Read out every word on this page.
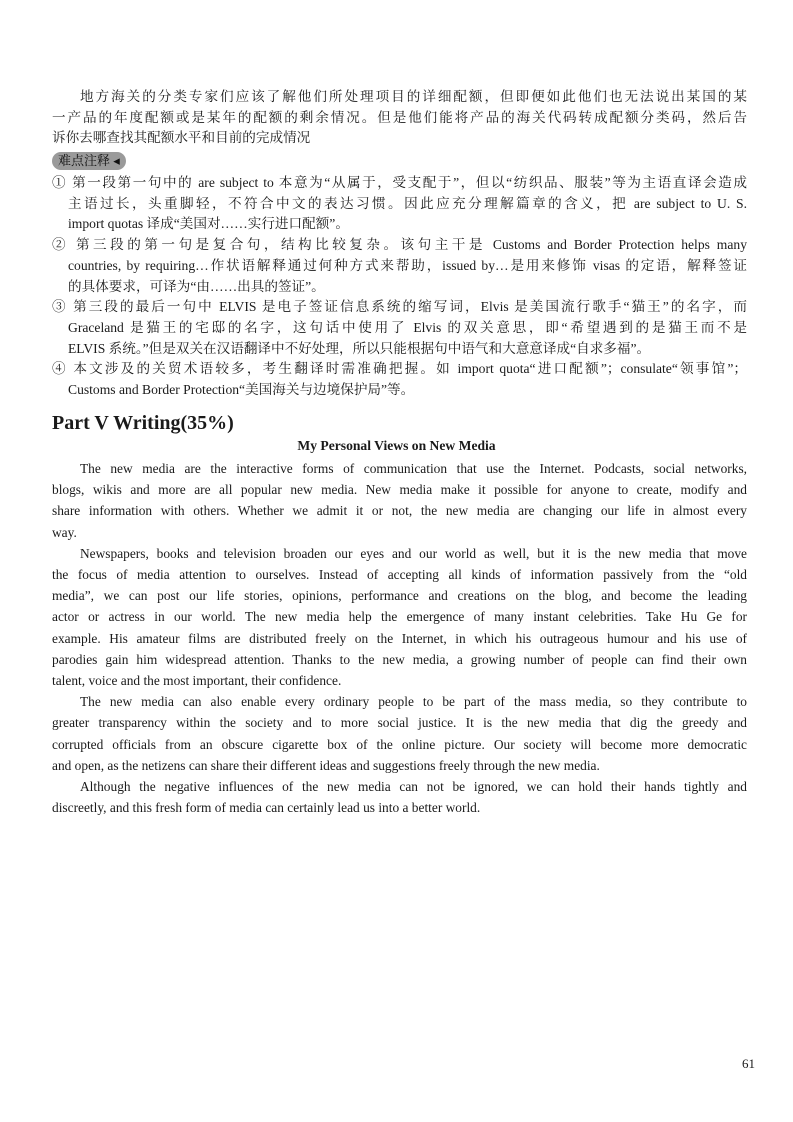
地方海关的分类专家们应该了解他们所处理项目的详细配额，但即便如此他们也无法说出某国的某
一产品的年度配额或是某年的配额的剩余情况。但是他们能将产品的海关代码转成配额分类码，然后告
诉你去哪查找其配额水平和目前的完成情况
难点注释 ◂
① 第一段第一句中的 are subject to 本意为“从属于，受支配于”，但以“纺织品、服装”等为主语直译会造成
主语过长，头重脚轻，不符合中文的表达习惯。因此应充分理解篇章的含义，把 are subject to U. S.
import quotas 译成“美国对……实行进口配额”。
② 第三段的第一句是复合句，结构比较复杂。该句主干是 Customs and Border Protection helps many
countries, by requiring…作状语解释通过何种方式来帮助，issued by…是用来修饰 visas 的定语，解释签证
的具体要求，可译为“由……出具的签证”。
③ 第三段的最后一句中 ELVIS 是电子签证信息系统的缩写词，Elvis 是美国流行歌手“猫王”的名字，而
Graceland 是猫王的宅邸的名字，这句话中使用了 Elvis 的双关意思，即“希望遇到的是猫王而不是
ELVIS 系统。”但是双关在汉语翻译中不好处理，所以只能根据句中语气和大意意译成“自求多福”。
④ 本文涉及的关贸术语较多，考生翻译时需准确把握。如 import quota“进口配额”；consulate“领事馆”；
Customs and Border Protection“美国海关与边境保护局”等。
Part V Writing(35%)
My Personal Views on New Media
The new media are the interactive forms of communication that use the Internet. Podcasts, social networks,
blogs, wikis and more are all popular new media. New media make it possible for anyone to create, modify and
share information with others. Whether we admit it or not, the new media are changing our life in almost every
way.
Newspapers, books and television broaden our eyes and our world as well, but it is the new media that move
the focus of media attention to ourselves. Instead of accepting all kinds of information passively from the “old
media”, we can post our life stories, opinions, performance and creations on the blog, and become the leading
actor or actress in our world. The new media help the emergence of many instant celebrities. Take Hu Ge for
example. His amateur films are distributed freely on the Internet, in which his outrageous humour and his use of
parodies gain him widespread attention. Thanks to the new media, a growing number of people can find their own
talent, voice and the most important, their confidence.
The new media can also enable every ordinary people to be part of the mass media, so they contribute to
greater transparency within the society and to more social justice. It is the new media that dig the greedy and
corrupted officials from an obscure cigarette box of the online picture. Our society will become more democratic
and open, as the netizens can share their different ideas and suggestions freely through the new media.
Although the negative influences of the new media can not be ignored, we can hold their hands tightly and
discreetly, and this fresh form of media can certainly lead us into a better world.
61
